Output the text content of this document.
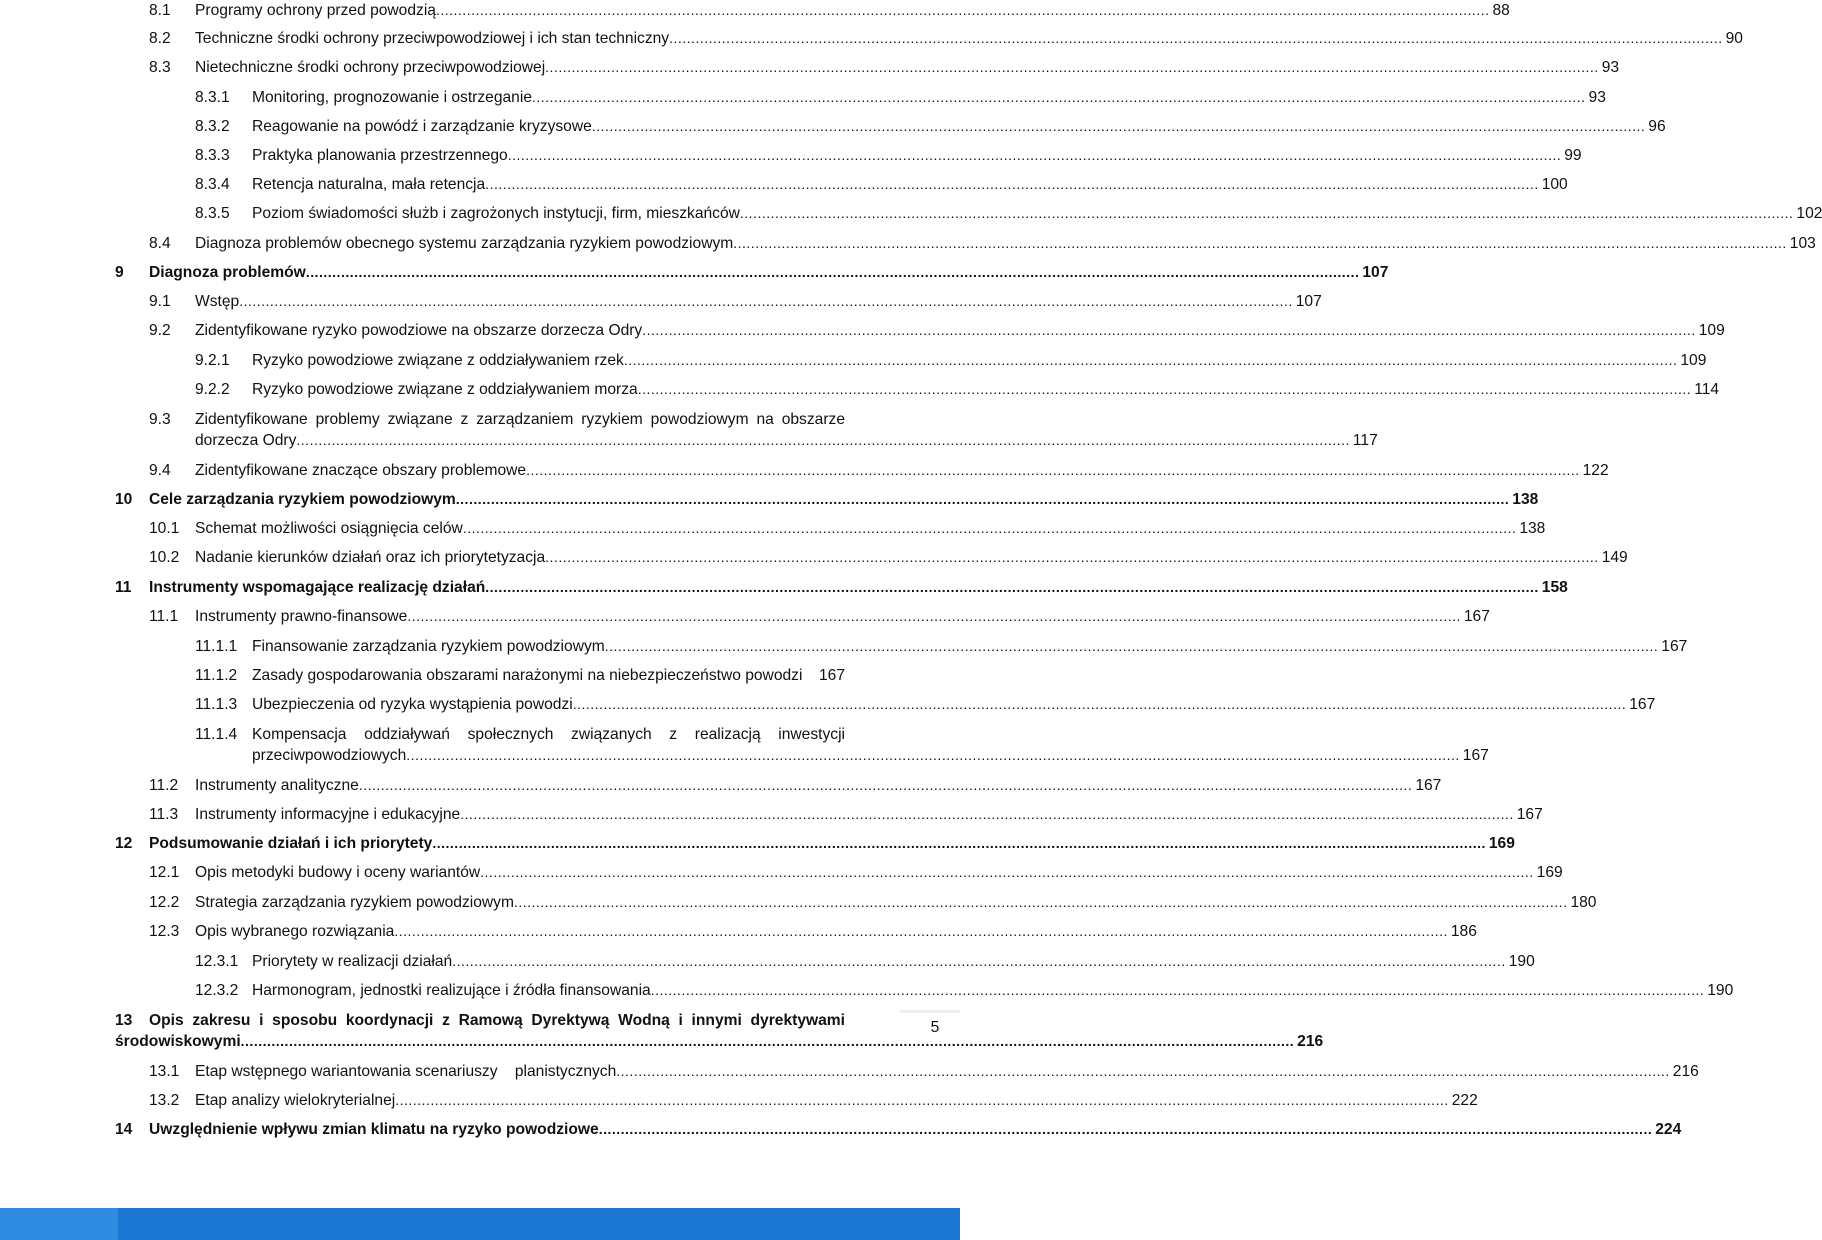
8.1 Programy ochrony przed powodzią ................................................................................................................................................................................................................................................ 88
8.2 Techniczne środki ochrony przeciwpowodziowej i ich stan techniczny ................................................................................................................................................................................................................................................ 90
8.3 Nietechniczne środki ochrony przeciwpowodziowej ................................................................................................................................................................................................................................................ 93
8.3.1 Monitoring, prognozowanie i ostrzeganie ................................................................................................................................................................................................................................................ 93
8.3.2 Reagowanie na powódź i zarządzanie kryzysowe ................................................................................................................................................................................................................................................ 96
8.3.3 Praktyka planowania przestrzennego ................................................................................................................................................................................................................................................ 99
8.3.4 Retencja naturalna, mała retencja ................................................................................................................................................................................................................................................ 100
8.3.5 Poziom świadomości służb i zagrożonych instytucji, firm, mieszkańców ................................................................................................................................................................................................................................................ 102
8.4 Diagnoza problemów obecnego systemu zarządzania ryzykiem powodziowym ................................................................................................................................................................................................................................................ 103
9 Diagnoza problemów ................................................................................................................................................................................................................................................ 107
9.1 Wstęp ................................................................................................................................................................................................................................................ 107
9.2 Zidentyfikowane ryzyko powodziowe na obszarze dorzecza Odry ................................................................................................................................................................................................................................................ 109
9.2.1 Ryzyko powodziowe związane z oddziaływaniem rzek ................................................................................................................................................................................................................................................ 109
9.2.2 Ryzyko powodziowe związane z oddziaływaniem morza ................................................................................................................................................................................................................................................ 114
9.3 Zidentyfikowane problemy związane z zarządzaniem ryzykiem powodziowym na obszarze
dorzecza Odry ................................................................................................................................................................................................................................................ 117
9.4 Zidentyfikowane znaczące obszary problemowe ................................................................................................................................................................................................................................................ 122
10 Cele zarządzania ryzykiem powodziowym ................................................................................................................................................................................................................................................ 138
10.1 Schemat możliwości osiągnięcia celów ................................................................................................................................................................................................................................................ 138
10.2 Nadanie kierunków działań oraz ich priorytetyzacja ................................................................................................................................................................................................................................................ 149
11 Instrumenty wspomagające realizację działań ................................................................................................................................................................................................................................................ 158
11.1 Instrumenty prawno-finansowe ................................................................................................................................................................................................................................................ 167
11.1.1 Finansowanie zarządzania ryzykiem powodziowym ................................................................................................................................................................................................................................................ 167
11.1.2 Zasady gospodarowania obszarami narażonymi na niebezpieczeństwo powodzi	167
11.1.3 Ubezpieczenia od ryzyka wystąpienia powodzi ................................................................................................................................................................................................................................................ 167
11.1.4 Kompensacja oddziaływań społecznych związanych z realizacją inwestycji
przeciwpowodziowych ................................................................................................................................................................................................................................................ 167
11.2 Instrumenty analityczne ................................................................................................................................................................................................................................................ 167
11.3 Instrumenty informacyjne i edukacyjne ................................................................................................................................................................................................................................................ 167
12 Podsumowanie działań i ich priorytety ................................................................................................................................................................................................................................................ 169
12.1 Opis metodyki budowy i oceny wariantów ................................................................................................................................................................................................................................................ 169
12.2 Strategia zarządzania ryzykiem powodziowym ................................................................................................................................................................................................................................................ 180
12.3 Opis wybranego rozwiązania ................................................................................................................................................................................................................................................ 186
12.3.1 Priorytety w realizacji działań ................................................................................................................................................................................................................................................ 190
12.3.2 Harmonogram, jednostki realizujące i źródła finansowania ................................................................................................................................................................................................................................................ 190
13 Opis zakresu i sposobu koordynacji z Ramową Dyrektywą Wodną i innymi dyrektywami
środowiskowymi ................................................................................................................................................................................................................................................ 216
13.1 Etap wstępnego wariantowania scenariuszy    planistycznych ................................................................................................................................................................................................................................................ 216
13.2 Etap analizy wielokryterialnej ................................................................................................................................................................................................................................................ 222
14 Uwzględnienie wpływu zmian klimatu na ryzyko powodziowe ................................................................................................................................................................................................................................................ 224
5
